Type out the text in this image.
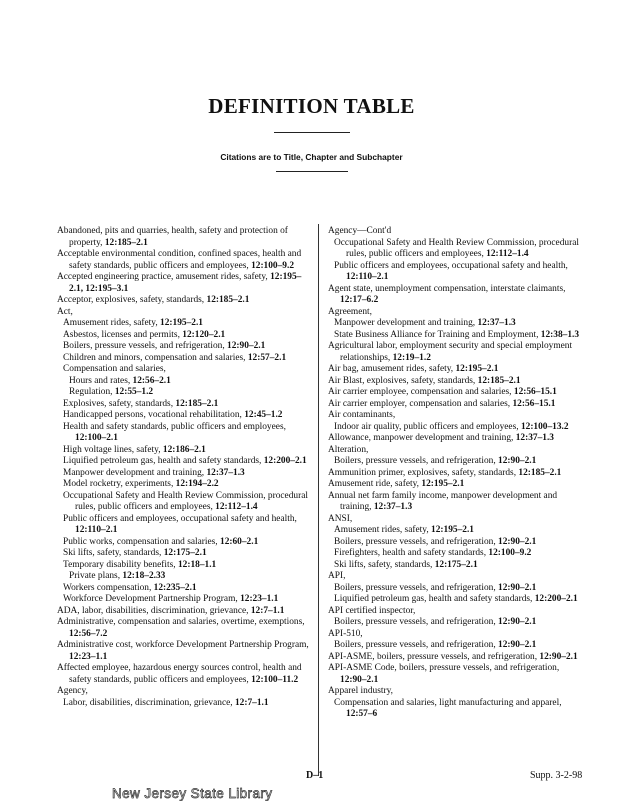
DEFINITION TABLE
Citations are to Title, Chapter and Subchapter
Abandoned, pits and quarries, health, safety and protection of property, 12:185–2.1
Acceptable environmental condition, confined spaces, health and safety standards, public officers and employees, 12:100–9.2
Accepted engineering practice, amusement rides, safety, 12:195–2.1, 12:195–3.1
Acceptor, explosives, safety, standards, 12:185–2.1
Act,
Amusement rides, safety, 12:195–2.1
Asbestos, licenses and permits, 12:120–2.1
Boilers, pressure vessels, and refrigeration, 12:90–2.1
Children and minors, compensation and salaries, 12:57–2.1
Compensation and salaries,
Hours and rates, 12:56–2.1
Regulation, 12:55–1.2
Explosives, safety, standards, 12:185–2.1
Handicapped persons, vocational rehabilitation, 12:45–1.2
Health and safety standards, public officers and employees, 12:100–2.1
High voltage lines, safety, 12:186–2.1
Liquified petroleum gas, health and safety standards, 12:200–2.1
Manpower development and training, 12:37–1.3
Model rocketry, experiments, 12:194–2.2
Occupational Safety and Health Review Commission, procedural rules, public officers and employees, 12:112–1.4
Public officers and employees, occupational safety and health, 12:110–2.1
Public works, compensation and salaries, 12:60–2.1
Ski lifts, safety, standards, 12:175–2.1
Temporary disability benefits, 12:18–1.1
Private plans, 12:18–2.33
Workers compensation, 12:235–2.1
Workforce Development Partnership Program, 12:23–1.1
ADA, labor, disabilities, discrimination, grievance, 12:7–1.1
Administrative, compensation and salaries, overtime, exemptions, 12:56–7.2
Administrative cost, workforce Development Partnership Program, 12:23–1.1
Affected employee, hazardous energy sources control, health and safety standards, public officers and employees, 12:100–11.2
Agency,
Labor, disabilities, discrimination, grievance, 12:7–1.1
Agency—Cont'd
Occupational Safety and Health Review Commission, procedural rules, public officers and employees, 12:112–1.4
Public officers and employees, occupational safety and health, 12:110–2.1
Agent state, unemployment compensation, interstate claimants, 12:17–6.2
Agreement,
Manpower development and training, 12:37–1.3
State Business Alliance for Training and Employment, 12:38–1.3
Agricultural labor, employment security and special employment relationships, 12:19–1.2
Air bag, amusement rides, safety, 12:195–2.1
Air Blast, explosives, safety, standards, 12:185–2.1
Air carrier employee, compensation and salaries, 12:56–15.1
Air carrier employer, compensation and salaries, 12:56–15.1
Air contaminants,
Indoor air quality, public officers and employees, 12:100–13.2
Allowance, manpower development and training, 12:37–1.3
Alteration,
Boilers, pressure vessels, and refrigeration, 12:90–2.1
Ammunition primer, explosives, safety, standards, 12:185–2.1
Amusement ride, safety, 12:195–2.1
Annual net farm family income, manpower development and training, 12:37–1.3
ANSI,
Amusement rides, safety, 12:195–2.1
Boilers, pressure vessels, and refrigeration, 12:90–2.1
Firefighters, health and safety standards, 12:100–9.2
Ski lifts, safety, standards, 12:175–2.1
API,
Boilers, pressure vessels, and refrigeration, 12:90–2.1
Liquified petroleum gas, health and safety standards, 12:200–2.1
API certified inspector,
Boilers, pressure vessels, and refrigeration, 12:90–2.1
API-510,
Boilers, pressure vessels, and refrigeration, 12:90–2.1
API-ASME, boilers, pressure vessels, and refrigeration, 12:90–2.1
API-ASME Code, boilers, pressure vessels, and refrigeration, 12:90–2.1
Apparel industry,
Compensation and salaries, light manufacturing and apparel, 12:57–6
D–1	Supp. 3-2-98
New Jersey State Library
